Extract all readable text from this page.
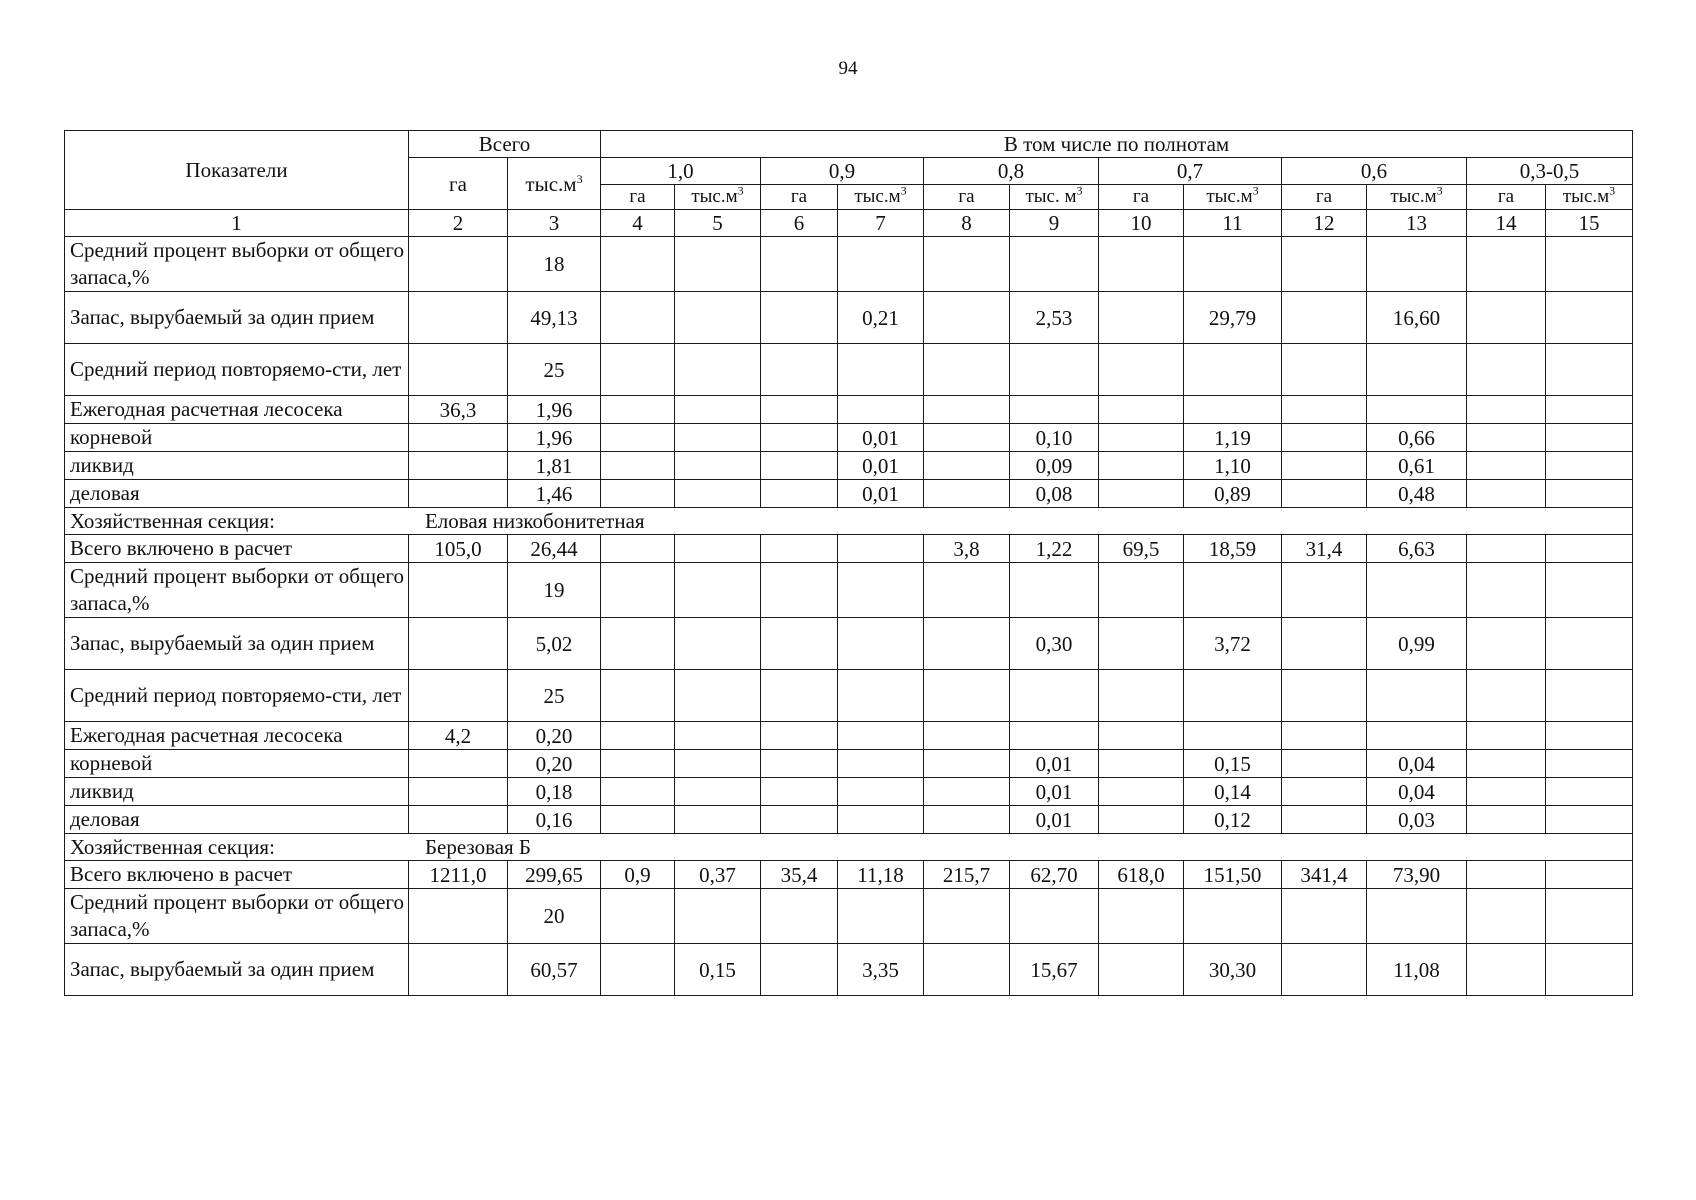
94
Показатели	Всего		В том числе по полнотам											
	га	$тыс.м^3$	1,0		0,9		0,8		0,7		0,6		0,3-0,5	
			га	$тыс.м^3$	га	$тыс.м^3$	га	тыс. $м^3$	га	$тыс.м^3$	га	$тыс.м^3$	га	$тыс.м^3$
1	2	3	4	5	6	7	8	9	10	11	12	13	14	15
Средний процент выборки от общего запаса,%		18												
Запас, вырубаемый за один прием		49,13				0,21		2,53		29,79		16,60		
Средний период повторяемо-сти, лет		25												
Ежегодная расчетная лесосека	36,3	1,96												
корневой		1,96				0,01		0,10		1,19		0,66		
ликвид		1,81				0,01		0,09		1,10		0,61		
деловая		1,46				0,01		0,08		0,89		0,48		
Хозяйственная секция: Еловая низкобонитетная														
Всего включено в расчет	105,0	26,44					3,8	1,22	69,5	18,59	31,4	6,63		
Средний процент выборки от общего запаса,%		19												
Запас, вырубаемый за один прием		5,02						0,30		3,72		0,99		
Средний период повторяемо-сти, лет		25												
Ежегодная расчетная лесосека	4,2	0,20												
корневой		0,20						0,01		0,15		0,04		
ликвид		0,18						0,01		0,14		0,04		
деловая		0,16						0,01		0,12		0,03		
Хозяйственная секция: Березовая Б														
Всего включено в расчет	1211,0	299,65	0,9	0,37	35,4	11,18	215,7	62,70	618,0	151,50	341,4	73,90		
Средний процент выборки от общего запаса,%		20												
Запас, вырубаемый за один прием		60,57		0,15		3,35		15,67		30,30		11,08		
